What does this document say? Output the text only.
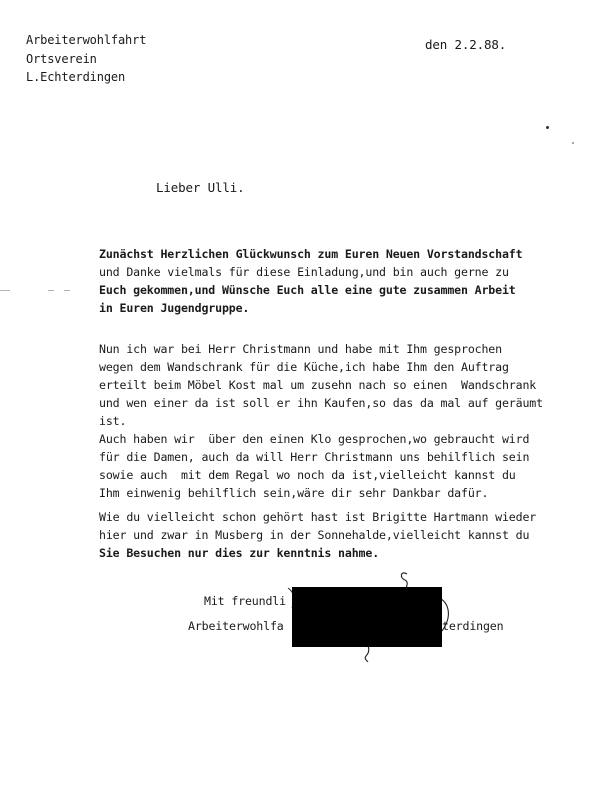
Arbeiterwohlfahrt
Ortsverein
L.Echterdingen
den 2.2.88.
Lieber Ulli.
Zunächst Herzlichen Glückwunsch zum Euren Neuen Vorstandschaft
und Danke vielmals für diese Einladung,und bin auch gerne zu
Euch gekommen,und Wünsche Euch alle eine gute zusammen Arbeit
in Euren Jugendgruppe.
Nun ich war bei Herr Christmann und habe mit Ihm gesprochen
wegen dem Wandschrank für die Küche,ich habe Ihm den Auftrag
erteilt beim Möbel Kost mal um zusehn nach so einen  Wandschrank
und wen einer da ist soll er ihn Kaufen,so das da mal auf geräumt
ist.
Auch haben wir  über den einen Klo gesprochen,wo gebraucht wird
für die Damen, auch da will Herr Christmann uns behilflich sein
sowie auch  mit dem Regal wo noch da ist,vielleicht kannst du
Ihm einwenig behilflich sein,wäre dir sehr Dankbar dafür.
Wie du vielleicht schon gehört hast ist Brigitte Hartmann wieder
hier und zwar in Musberg in der Sonnehalde,vielleicht kannst du
Sie Besuchen nur dies zur kenntnis nahme.
Mit freundli
Arbeiterwohlfa	terdingen
